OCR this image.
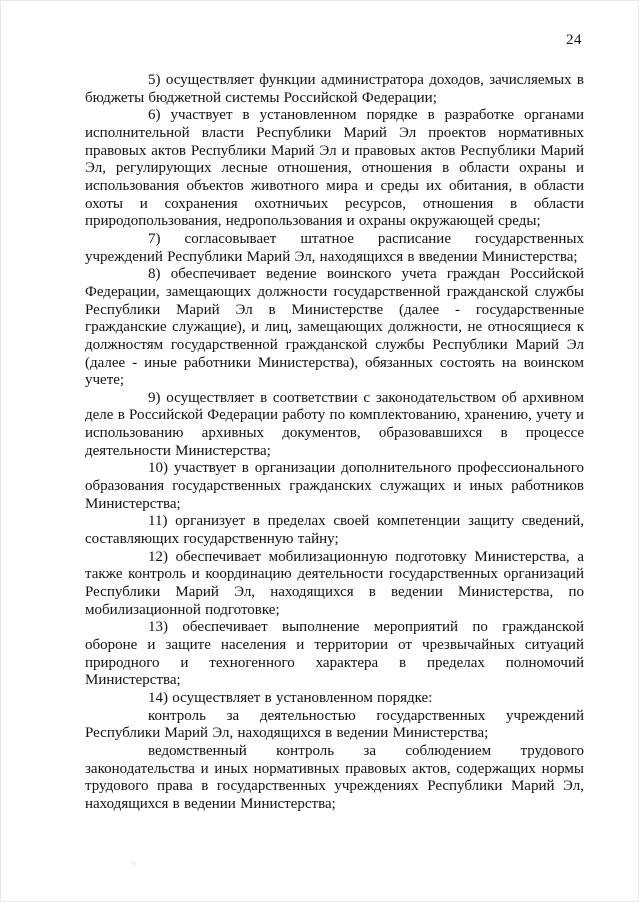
24

5) осуществляет функции администратора доходов, зачисляемых в бюджеты бюджетной системы Российской Федерации;

6) участвует в установленном порядке в разработке органами исполнительной власти Республики Марий Эл проектов нормативных правовых актов Республики Марий Эл и правовых актов Республики Марий Эл, регулирующих лесные отношения, отношения в области охраны и использования объектов животного мира и среды их обитания, в области охоты и сохранения охотничьих ресурсов, отношения в области природопользования, недропользования и охраны окружающей среды;

7) согласовывает штатное расписание государственных учреждений Республики Марий Эл, находящихся в введении Министерства;

8) обеспечивает ведение воинского учета граждан Российской Федерации, замещающих должности государственной гражданской службы Республики Марий Эл в Министерстве (далее - государственные гражданские служащие), и лиц, замещающих должности, не относящиеся к должностям государственной гражданской службы Республики Марий Эл (далее - иные работники Министерства), обязанных состоять на воинском учете;

9) осуществляет в соответствии с законодательством об архивном деле в Российской Федерации работу по комплектованию, хранению, учету и использованию архивных документов, образовавшихся в процессе деятельности Министерства;

10) участвует в организации дополнительного профессионального образования государственных гражданских служащих и иных работников Министерства;

11) организует в пределах своей компетенции защиту сведений, составляющих государственную тайну;

12) обеспечивает мобилизационную подготовку Министерства, а также контроль и координацию деятельности государственных организаций Республики Марий Эл, находящихся в ведении Министерства, по мобилизационной подготовке;

13) обеспечивает выполнение мероприятий по гражданской обороне и защите населения и территории от чрезвычайных ситуаций природного и техногенного характера в пределах полномочий Министерства;

14) осуществляет в установленном порядке:

контроль за деятельностью государственных учреждений Республики Марий Эл, находящихся в ведении Министерства;

ведомственный контроль за соблюдением трудового законодательства и иных нормативных правовых актов, содержащих нормы трудового права в государственных учреждениях Республики Марий Эл, находящихся в ведении Министерства;
